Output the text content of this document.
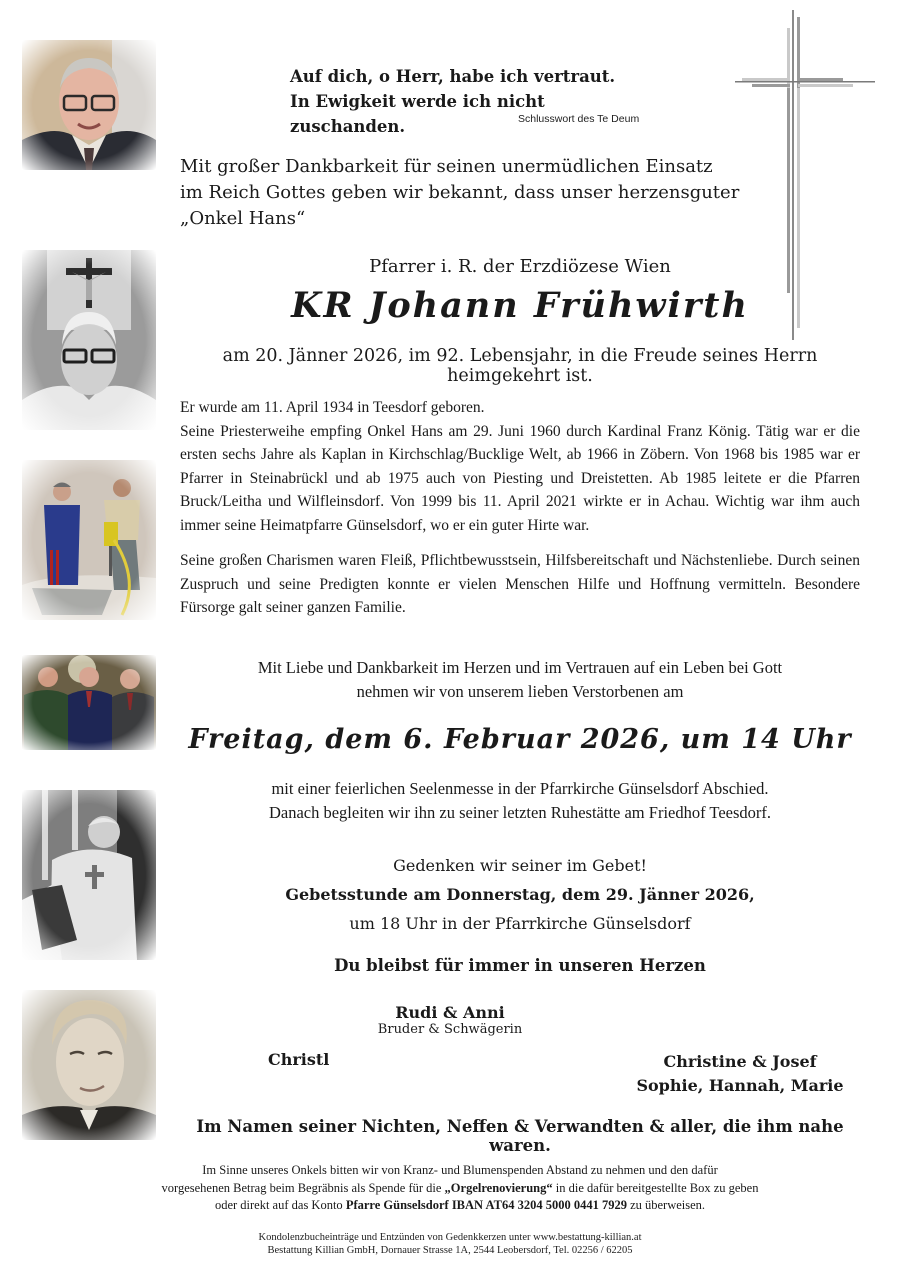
Auf dich, o Herr, habe ich vertraut.
In Ewigkeit werde ich nicht zuschanden.	Schlusswort des Te Deum
Mit großer Dankbarkeit für seinen unermüdlichen Einsatz im Reich Gottes geben wir bekannt, dass unser herzensguter „Onkel Hans“
Pfarrer i. R. der Erzdiözese Wien
KR Johann Frühwirth
am 20. Jänner 2026, im 92. Lebensjahr, in die Freude seines Herrn heimgekehrt ist.

Er wurde am 11. April 1934 in Teesdorf geboren.

Seine Priesterweihe empfing Onkel Hans am 29. Juni 1960 durch Kardinal Franz König. Tätig war er die ersten sechs Jahre als Kaplan in Kirchschlag/Bucklige Welt, ab 1966 in Zöbern. Von 1968 bis 1985 war er Pfarrer in Steinabrückl und ab 1975 auch von Piesting und Dreistetten. Ab 1985 leitete er die Pfarren Bruck/Leitha und Wilfleinsdorf. Von 1999 bis 11. April 2021 wirkte er in Achau. Wichtig war ihm auch immer seine Heimatpfarre Günselsdorf, wo er ein guter Hirte war.

Seine großen Charismen waren Fleiß, Pflichtbewusstsein, Hilfsbereitschaft und Nächstenliebe. Durch seinen Zuspruch und seine Predigten konnte er vielen Menschen Hilfe und Hoffnung vermitteln. Besondere Fürsorge galt seiner ganzen Familie.

Mit Liebe und Dankbarkeit im Herzen und im Vertrauen auf ein Leben bei Gott
nehmen wir von unserem lieben Verstorbenen am
Freitag, dem 6. Februar 2026, um 14 Uhr
mit einer feierlichen Seelenmesse in der Pfarrkirche Günselsdorf Abschied.
Danach begleiten wir ihn zu seiner letzten Ruhestätte am Friedhof Teesdorf.
Gedenken wir seiner im Gebet!
Gebetsstunde am Donnerstag, dem 29. Jänner 2026,
um 18 Uhr in der Pfarrkirche Günselsdorf
Du bleibst für immer in unseren Herzen
Rudi & Anni
Bruder & Schwägerin
Christl	Christine & Josef
Sophie, Hannah, Marie
Im Namen seiner Nichten, Neffen & Verwandten & aller, die ihm nahe waren.
Im Sinne unseres Onkels bitten wir von Kranz- und Blumenspenden Abstand zu nehmen und den dafür
vorgesehenen Betrag beim Begräbnis als Spende für die „Orgelrenovierung“ in die dafür bereitgestellte Box zu geben
oder direkt auf das Konto Pfarre Günselsdorf IBAN AT64 3204 5000 0441 7929 zu überweisen.
Kondolenzbucheinträge und Entzünden von Gedenkkerzen unter www.bestattung-killian.at
Bestattung Killian GmbH, Dornauer Strasse 1A, 2544 Leobersdorf, Tel. 02256 / 62205
